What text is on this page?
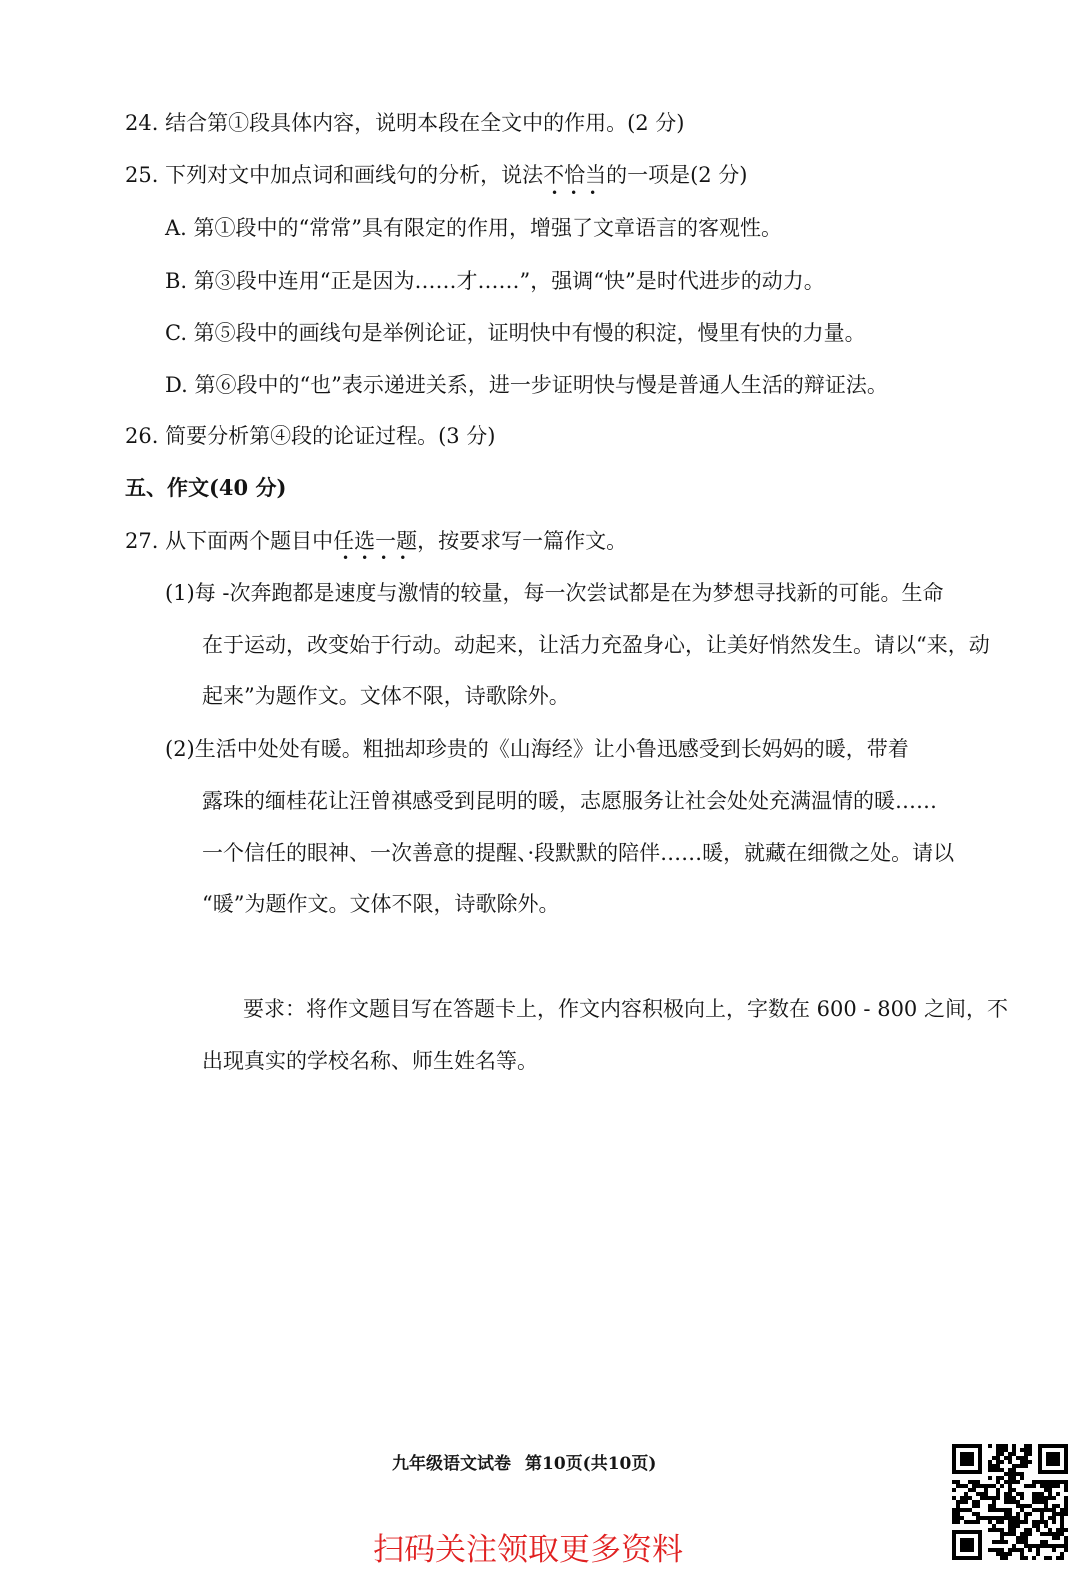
24. 结合第①段具体内容，说明本段在全文中的作用。(2 分)
25. 下列对文中加点词和画线句的分析，说法不恰当的一项是(2 分)
•••
A. 第①段中的“常常”具有限定的作用，增强了文章语言的客观性。
B. 第③段中连用“正是因为……才……”，强调“快”是时代进步的动力。
C. 第⑤段中的画线句是举例论证，证明快中有慢的积淀，慢里有快的力量。
D. 第⑥段中的“也”表示递进关系，进一步证明快与慢是普通人生活的辩证法。
26. 简要分析第④段的论证过程。(3 分)
五、作文(40 分)
27. 从下面两个题目中任选一题，按要求写一篇作文。
••••
(1)每 -次奔跑都是速度与激情的较量，每一次尝试都是在为梦想寻找新的可能。生命
在于运动，改变始于行动。动起来，让活力充盈身心，让美好悄然发生。请以“来，动
起来”为题作文。文体不限，诗歌除外。
(2)生活中处处有暖。粗拙却珍贵的《山海经》让小鲁迅感受到长妈妈的暖，带着
露珠的缅桂花让汪曾祺感受到昆明的暖，志愿服务让社会处处充满温情的暖……
一个信任的眼神、一次善意的提醒、·段默默的陪伴……暖，就藏在细微之处。请以
“暖”为题作文。文体不限，诗歌除外。
要求：将作文题目写在答题卡上，作文内容积极向上，字数在 600 - 800 之间，不
出现真实的学校名称、师生姓名等。
九年级语文试卷 第10页(共10页)
扫码关注领取更多资料
